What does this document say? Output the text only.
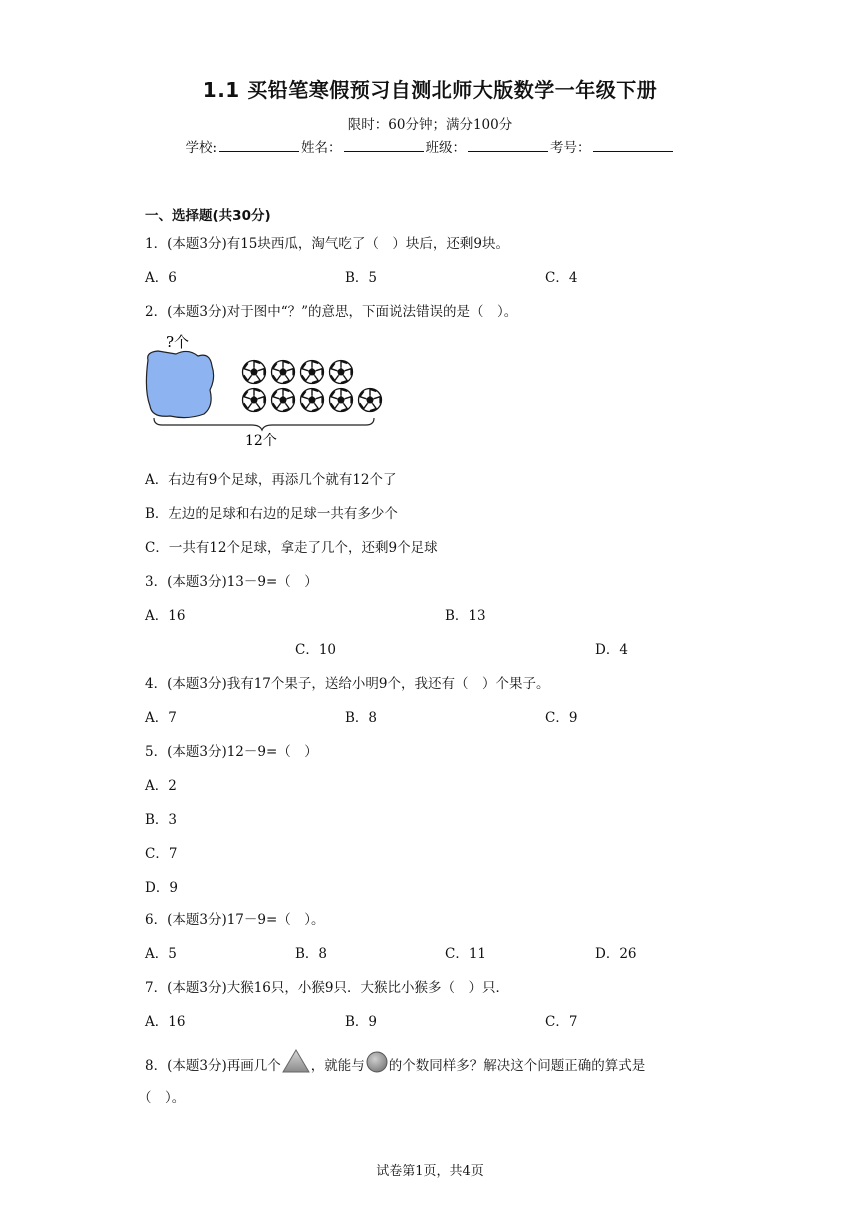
1.1 买铅笔寒假预习自测北师大版数学一年级下册
限时：60分钟；满分100分
学校:	姓名：	班级：	考号：
一、选择题(共30分)
1．(本题3分)有15块西瓜，淘气吃了（　）块后，还剩9块。
A．6	B．5	C．4
2．(本题3分)对于图中“？”的意思，下面说法错误的是（　）。
?个
12个
A．右边有9个足球，再添几个就有12个了
B．左边的足球和右边的足球一共有多少个
C．一共有12个足球，拿走了几个，还剩9个足球
3．(本题3分)13－9=（　）
A．16	B．13
C．10	D．4
4．(本题3分)我有17个果子，送给小明9个，我还有（　）个果子。
A．7	B．8	C．9
5．(本题3分)12－9=（　）
A．2
B．3
C．7
D．9
6．(本题3分)17－9=（　）。
A．5	B．8	C．11	D．26
7．(本题3分)大猴16只，小猴9只．大猴比小猴多（　）只．
A．16	B．9	C．7
8．(本题3分)再画几个 ，就能与 的个数同样多？解决这个问题正确的算式是
（　）。
试卷第1页，共4页
